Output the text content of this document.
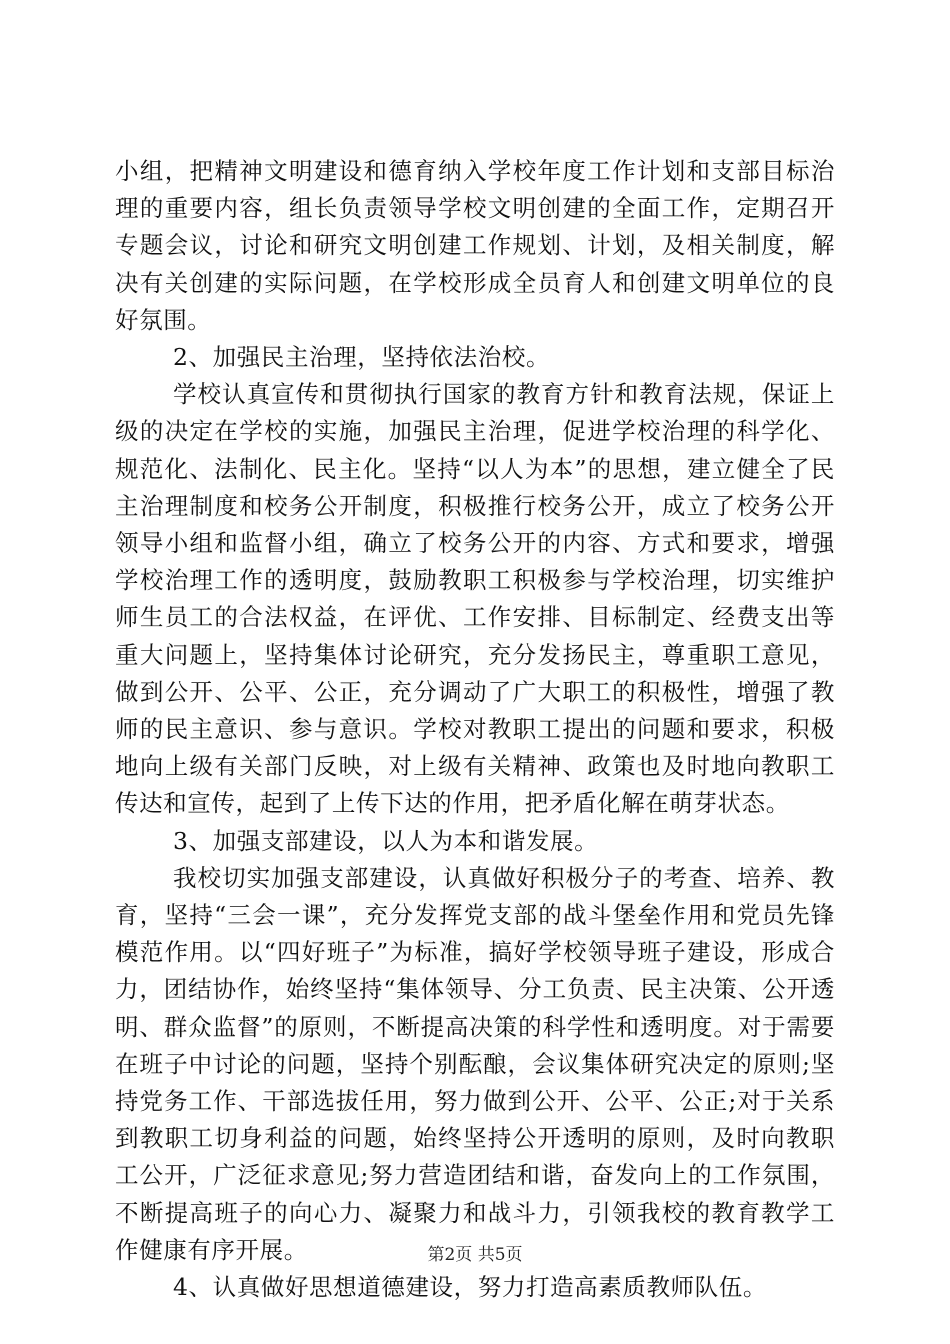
小组，把精神文明建设和德育纳入学校年度工作计划和支部目标治理的重要内容，组长负责领导学校文明创建的全面工作，定期召开专题会议，讨论和研究文明创建工作规划、计划，及相关制度，解决有关创建的实际问题，在学校形成全员育人和创建文明单位的良好氛围。

2、加强民主治理，坚持依法治校。

学校认真宣传和贯彻执行国家的教育方针和教育法规，保证上级的决定在学校的实施，加强民主治理，促进学校治理的科学化、规范化、法制化、民主化。坚持“以人为本”的思想，建立健全了民主治理制度和校务公开制度，积极推行校务公开，成立了校务公开领导小组和监督小组，确立了校务公开的内容、方式和要求，增强学校治理工作的透明度，鼓励教职工积极参与学校治理，切实维护师生员工的合法权益，在评优、工作安排、目标制定、经费支出等重大问题上，坚持集体讨论研究，充分发扬民主，尊重职工意见，做到公开、公平、公正，充分调动了广大职工的积极性，增强了教师的民主意识、参与意识。学校对教职工提出的问题和要求，积极地向上级有关部门反映，对上级有关精神、政策也及时地向教职工传达和宣传，起到了上传下达的作用，把矛盾化解在萌芽状态。

3、加强支部建设，以人为本和谐发展。

我校切实加强支部建设，认真做好积极分子的考查、培养、教育，坚持“三会一课”，充分发挥党支部的战斗堡垒作用和党员先锋模范作用。以“四好班子”为标准，搞好学校领导班子建设，形成合力，团结协作，始终坚持“集体领导、分工负责、民主决策、公开透明、群众监督”的原则，不断提高决策的科学性和透明度。对于需要在班子中讨论的问题，坚持个别酝酿，会议集体研究决定的原则;坚持党务工作、干部选拔任用，努力做到公开、公平、公正;对于关系到教职工切身利益的问题，始终坚持公开透明的原则，及时向教职工公开，广泛征求意见;努力营造团结和谐，奋发向上的工作氛围，不断提高班子的向心力、凝聚力和战斗力，引领我校的教育教学工作健康有序开展。

4、认真做好思想道德建设，努力打造高素质教师队伍。

第2页 共5页
